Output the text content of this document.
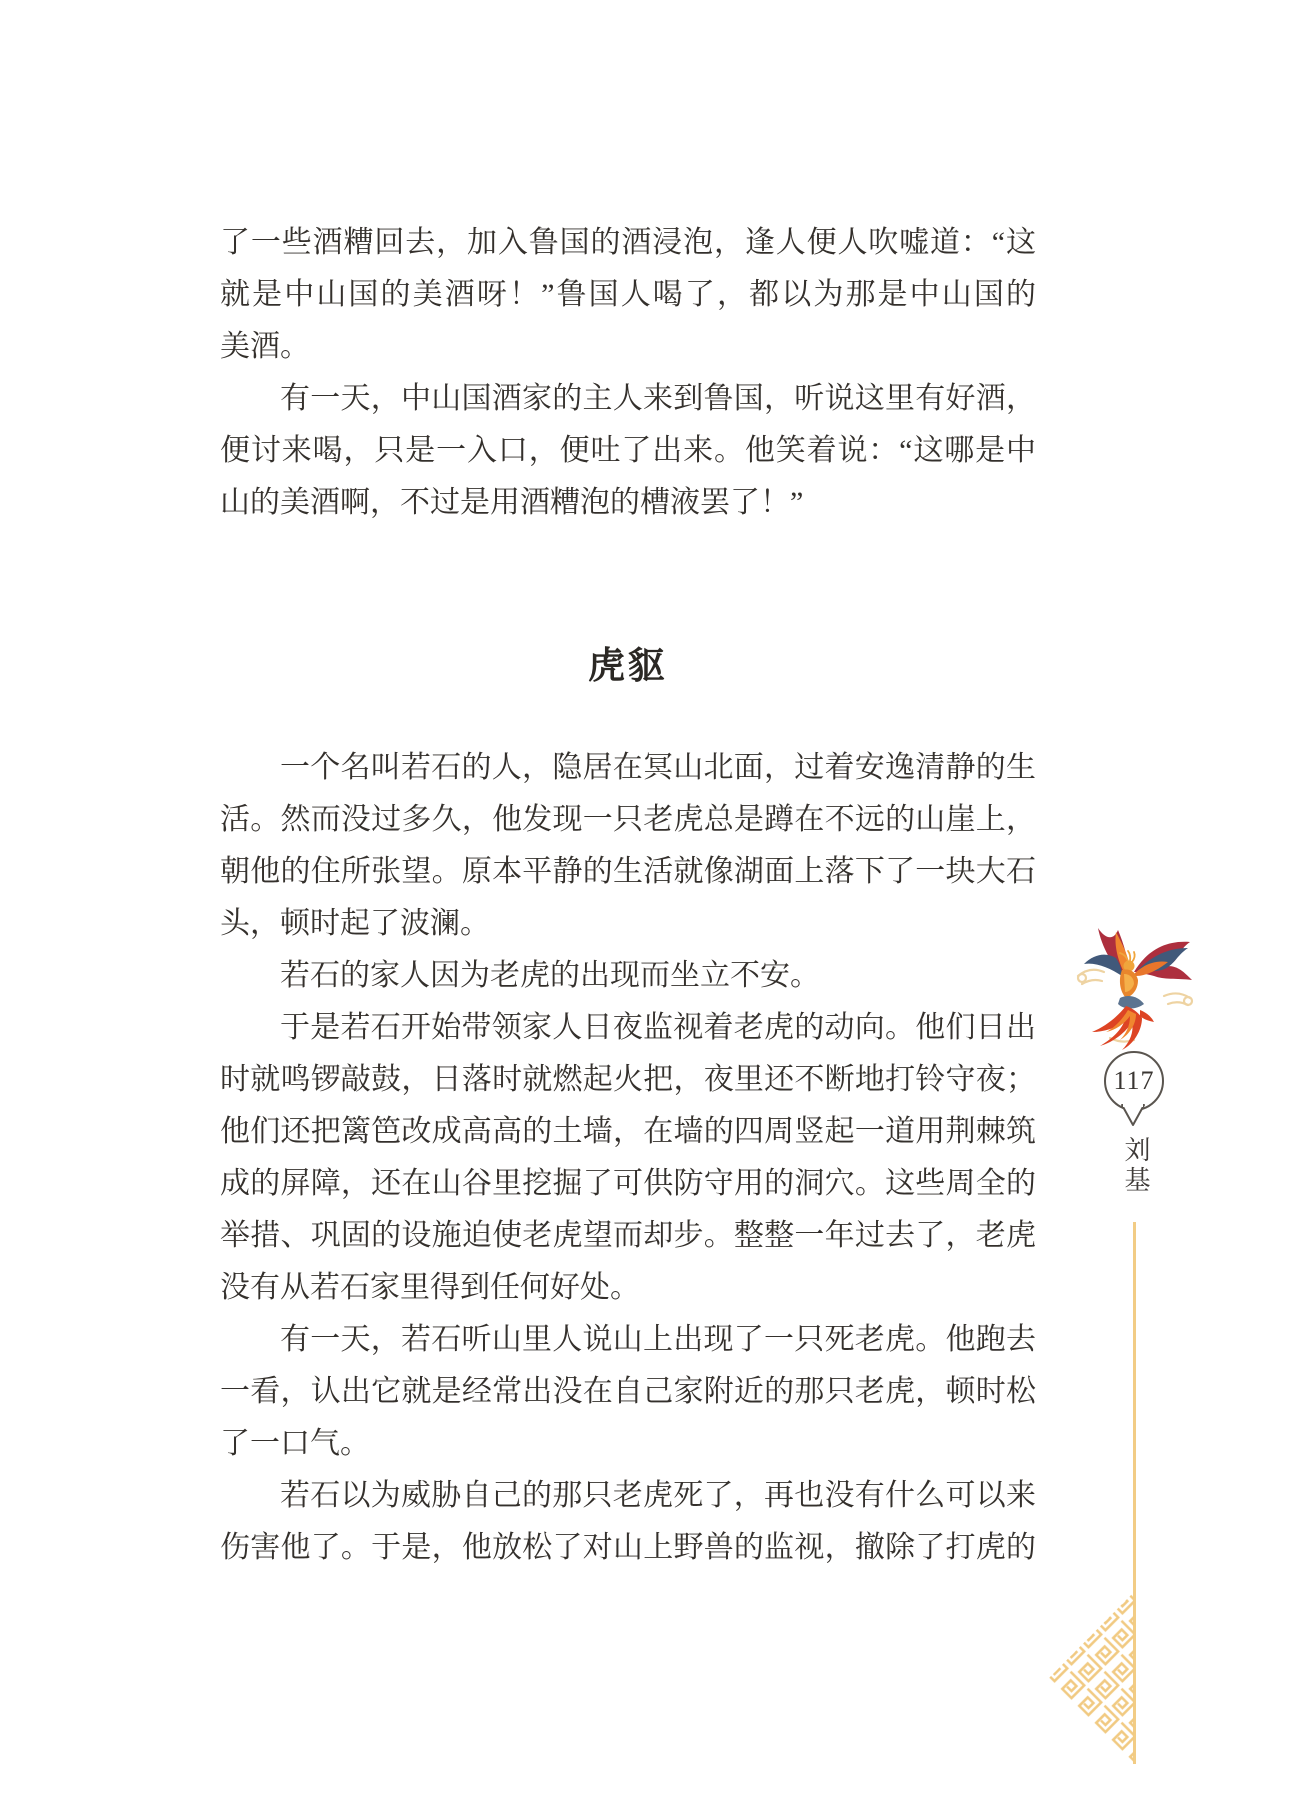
了一些酒糟回去，加入鲁国的酒浸泡，逢人便人吹嘘道：“这
就是中山国的美酒呀！”鲁国人喝了，都以为那是中山国的
美酒。
有一天，中山国酒家的主人来到鲁国，听说这里有好酒，
便讨来喝，只是一入口，便吐了出来。他笑着说：“这哪是中
山的美酒啊，不过是用酒糟泡的槽液罢了！”
虎䝙
一个名叫若石的人，隐居在冥山北面，过着安逸清静的生
活。然而没过多久，他发现一只老虎总是蹲在不远的山崖上，
朝他的住所张望。原本平静的生活就像湖面上落下了一块大石
头，顿时起了波澜。
若石的家人因为老虎的出现而坐立不安。
于是若石开始带领家人日夜监视着老虎的动向。他们日出
时就鸣锣敲鼓，日落时就燃起火把，夜里还不断地打铃守夜；
他们还把篱笆改成高高的土墙，在墙的四周竖起一道用荆棘筑
成的屏障，还在山谷里挖掘了可供防守用的洞穴。这些周全的
举措、巩固的设施迫使老虎望而却步。整整一年过去了，老虎
没有从若石家里得到任何好处。
有一天，若石听山里人说山上出现了一只死老虎。他跑去
一看，认出它就是经常出没在自己家附近的那只老虎，顿时松
了一口气。
若石以为威胁自己的那只老虎死了，再也没有什么可以来
伤害他了。于是，他放松了对山上野兽的监视，撤除了打虎的
117
刘基
